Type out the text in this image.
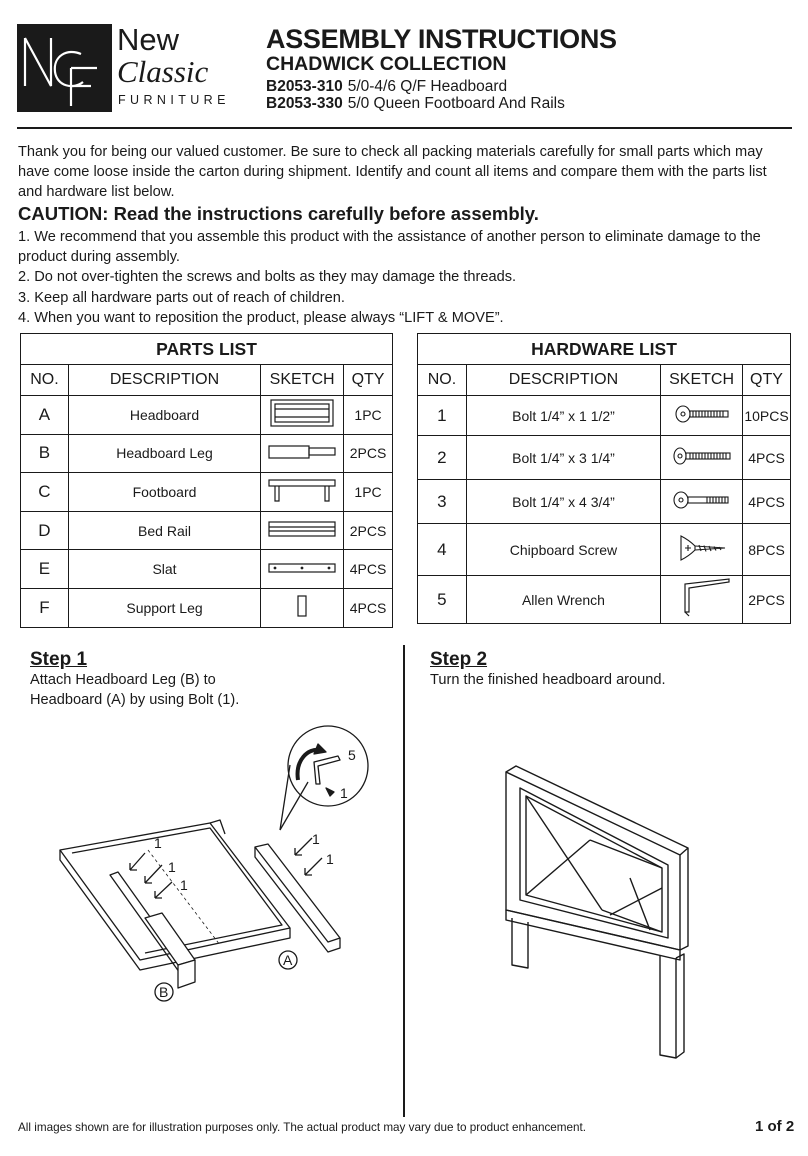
New
Classic
FURNITURE
ASSEMBLY INSTRUCTIONS
CHADWICK COLLECTION
B2053-310 5/0-4/6 Q/F Headboard
B2053-330 5/0 Queen Footboard And Rails

Thank you for being our valued customer. Be sure to check all packing materials carefully for small parts which may have come loose inside the carton during shipment. Identify and count all items and compare them with the parts list and hardware list below.

CAUTION: Read the instructions carefully before assembly.
1. We recommend that you assemble this product with the assistance of another person to eliminate damage to the product during assembly.
2. Do not over-tighten the screws and bolts as they may damage the threads.
3. Keep all hardware parts out of reach of children.
4. When you want to reposition the product, please always “LIFT & MOVE”.
PARTS LIST			
NO.	DESCRIPTION	SKETCH	QTY
A	Headboard		1PC
B	Headboard Leg		2PCS
C	Footboard		1PC
D	Bed Rail		2PCS
E	Slat		4PCS
F	Support Leg		4PCS
HARDWARE LIST			
NO.	DESCRIPTION	SKETCH	QTY
1	Bolt 1/4” x 1 1/2”		10PCS
2	Bolt 1/4” x 3 1/4”		4PCS
3	Bolt 1/4” x 4 3/4”		4PCS
4	Chipboard Screw		8PCS
5	Allen Wrench		2PCS
Step 1
Attach Headboard Leg (B) to
Headboard (A) by using Bolt (1).
1
1
1
1
1
5
1
A
B
Step 2
Turn the finished headboard around.
All images shown are for illustration purposes only. The actual product may vary due to product enhancement.	1 of 2
